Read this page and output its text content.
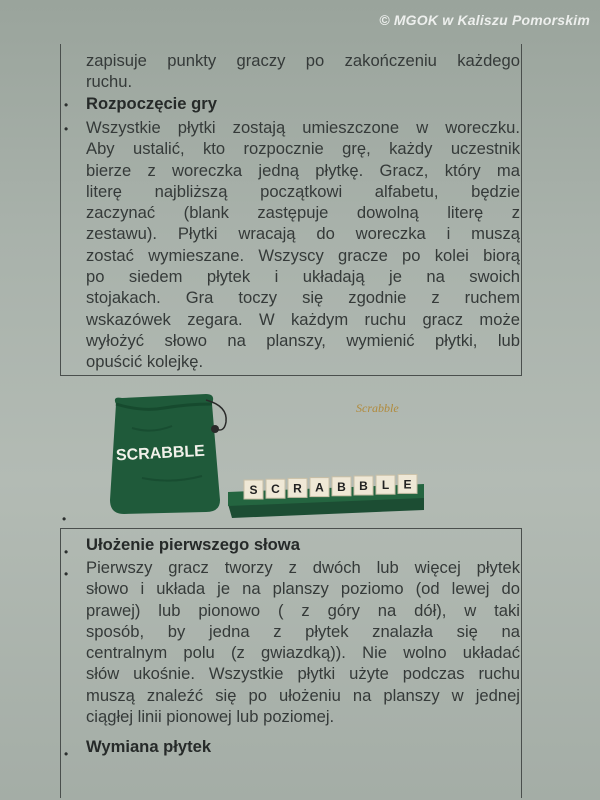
© MGOK w Kaliszu Pomorskim
zapisuje punkty graczy po zakończeniu każdego
ruchu.
• Rozpoczęcie gry
• Wszystkie płytki zostają umieszczone w woreczku.
Aby ustalić, kto rozpocznie grę, każdy uczestnik
bierze z woreczka jedną płytkę. Gracz, który ma
literę najbliższą początkowi alfabetu, będzie
zaczynać (blank zastępuje dowolną literę z
zestawu). Płytki wracają do woreczka i muszą
zostać wymieszane. Wszyscy gracze po kolei biorą
po siedem płytek i układają je na swoich
stojakach. Gra toczy się zgodnie z ruchem
wskazówek zegara. W każdym ruchu gracz może
wyłożyć słowo na planszy, wymienić płytki, lub
opuścić kolejkę.
SCRABBLE
Scrabble
S C R A B B L E
•
• Ułożenie pierwszego słowa
• Pierwszy gracz tworzy z dwóch lub więcej płytek
słowo i układa je na planszy poziomo (od lewej do
prawej) lub pionowo ( z góry na dół), w taki
sposób, by jedna z płytek znalazła się na
centralnym polu (z gwiazdką)). Nie wolno układać
słów ukośnie. Wszystkie płytki użyte podczas ruchu
muszą znaleźć się po ułożeniu na planszy w jednej
ciągłej linii pionowej lub poziomej.
• Wymiana płytek
